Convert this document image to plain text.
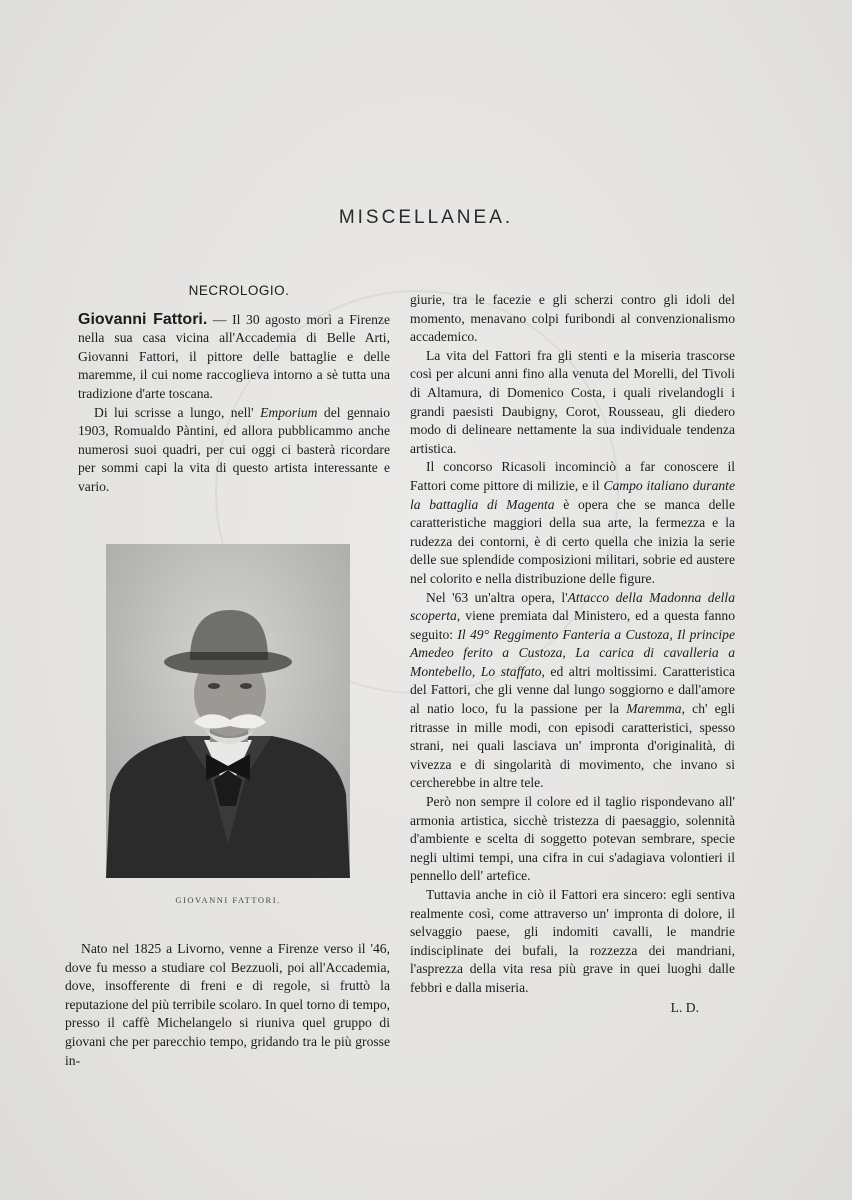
MISCELLANEA.
NECROLOGIO.

Giovanni Fattori. — Il 30 agosto morì a Firenze nella sua casa vicina all'Accademia di Belle Arti, Giovanni Fattori, il pittore delle battaglie e delle maremme, il cui nome raccoglieva intorno a sè tutta una tradizione d'arte toscana.

Di lui scrisse a lungo, nell' Emporium del gennaio 1903, Romualdo Pàntini, ed allora pubblicammo anche numerosi suoi quadri, per cui oggi ci basterà ricordare per sommi capi la vita di questo artista interessante e vario.

GIOVANNI FATTORI.

Nato nel 1825 a Livorno, venne a Firenze verso il '46, dove fu messo a studiare col Bezzuoli, poi all'Accademia, dove, insofferente di freni e di regole, si fruttò la reputazione del più terribile scolaro. In quel torno di tempo, presso il caffè Michelangelo si riuniva quel gruppo di giovani che per parecchio tempo, gridando tra le più grosse in-

giurie, tra le facezie e gli scherzi contro gli idoli del momento, menavano colpi furibondi al convenzionalismo accademico.

La vita del Fattori fra gli stenti e la miseria trascorse così per alcuni anni fino alla venuta del Morelli, del Tivoli di Altamura, di Domenico Costa, i quali rivelandogli i grandi paesisti Daubigny, Corot, Rousseau, gli diedero modo di delineare nettamente la sua individuale tendenza artistica.

Il concorso Ricasoli incominciò a far conoscere il Fattori come pittore di milizie, e il Campo italiano durante la battaglia di Magenta è opera che se manca delle caratteristiche maggiori della sua arte, la fermezza e la rudezza dei contorni, è di certo quella che inizia la serie delle sue splendide composizioni militari, sobrie ed austere nel colorito e nella distribuzione delle figure.

Nel '63 un'altra opera, l'Attacco della Madonna della scoperta, viene premiata dal Ministero, ed a questa fanno seguito: Il 49° Reggimento Fanteria a Custoza, Il principe Amedeo ferito a Custoza, La carica di cavalleria a Montebello, Lo staffato, ed altri moltissimi. Caratteristica del Fattori, che gli venne dal lungo soggiorno e dall'amore al natio loco, fu la passione per la Maremma, ch' egli ritrasse in mille modi, con episodi caratteristici, spesso strani, nei quali lasciava un' impronta d'originalità, di vivezza e di singolarità di movimento, che invano si cercherebbe in altre tele.

Però non sempre il colore ed il taglio rispondevano all' armonia artistica, sicchè tristezza di paesaggio, solennità d'ambiente e scelta di soggetto potevan sembrare, specie negli ultimi tempi, una cifra in cui s'adagiava volontieri il pennello dell' artefice.

Tuttavia anche in ciò il Fattori era sincero: egli sentiva realmente così, come attraverso un' impronta di dolore, il selvaggio paese, gli indomiti cavalli, le mandrie indisciplinate dei bufali, la rozzezza dei mandriani, l'asprezza della vita resa più grave in quei luoghi dalle febbri e dalla miseria.

L. D.
